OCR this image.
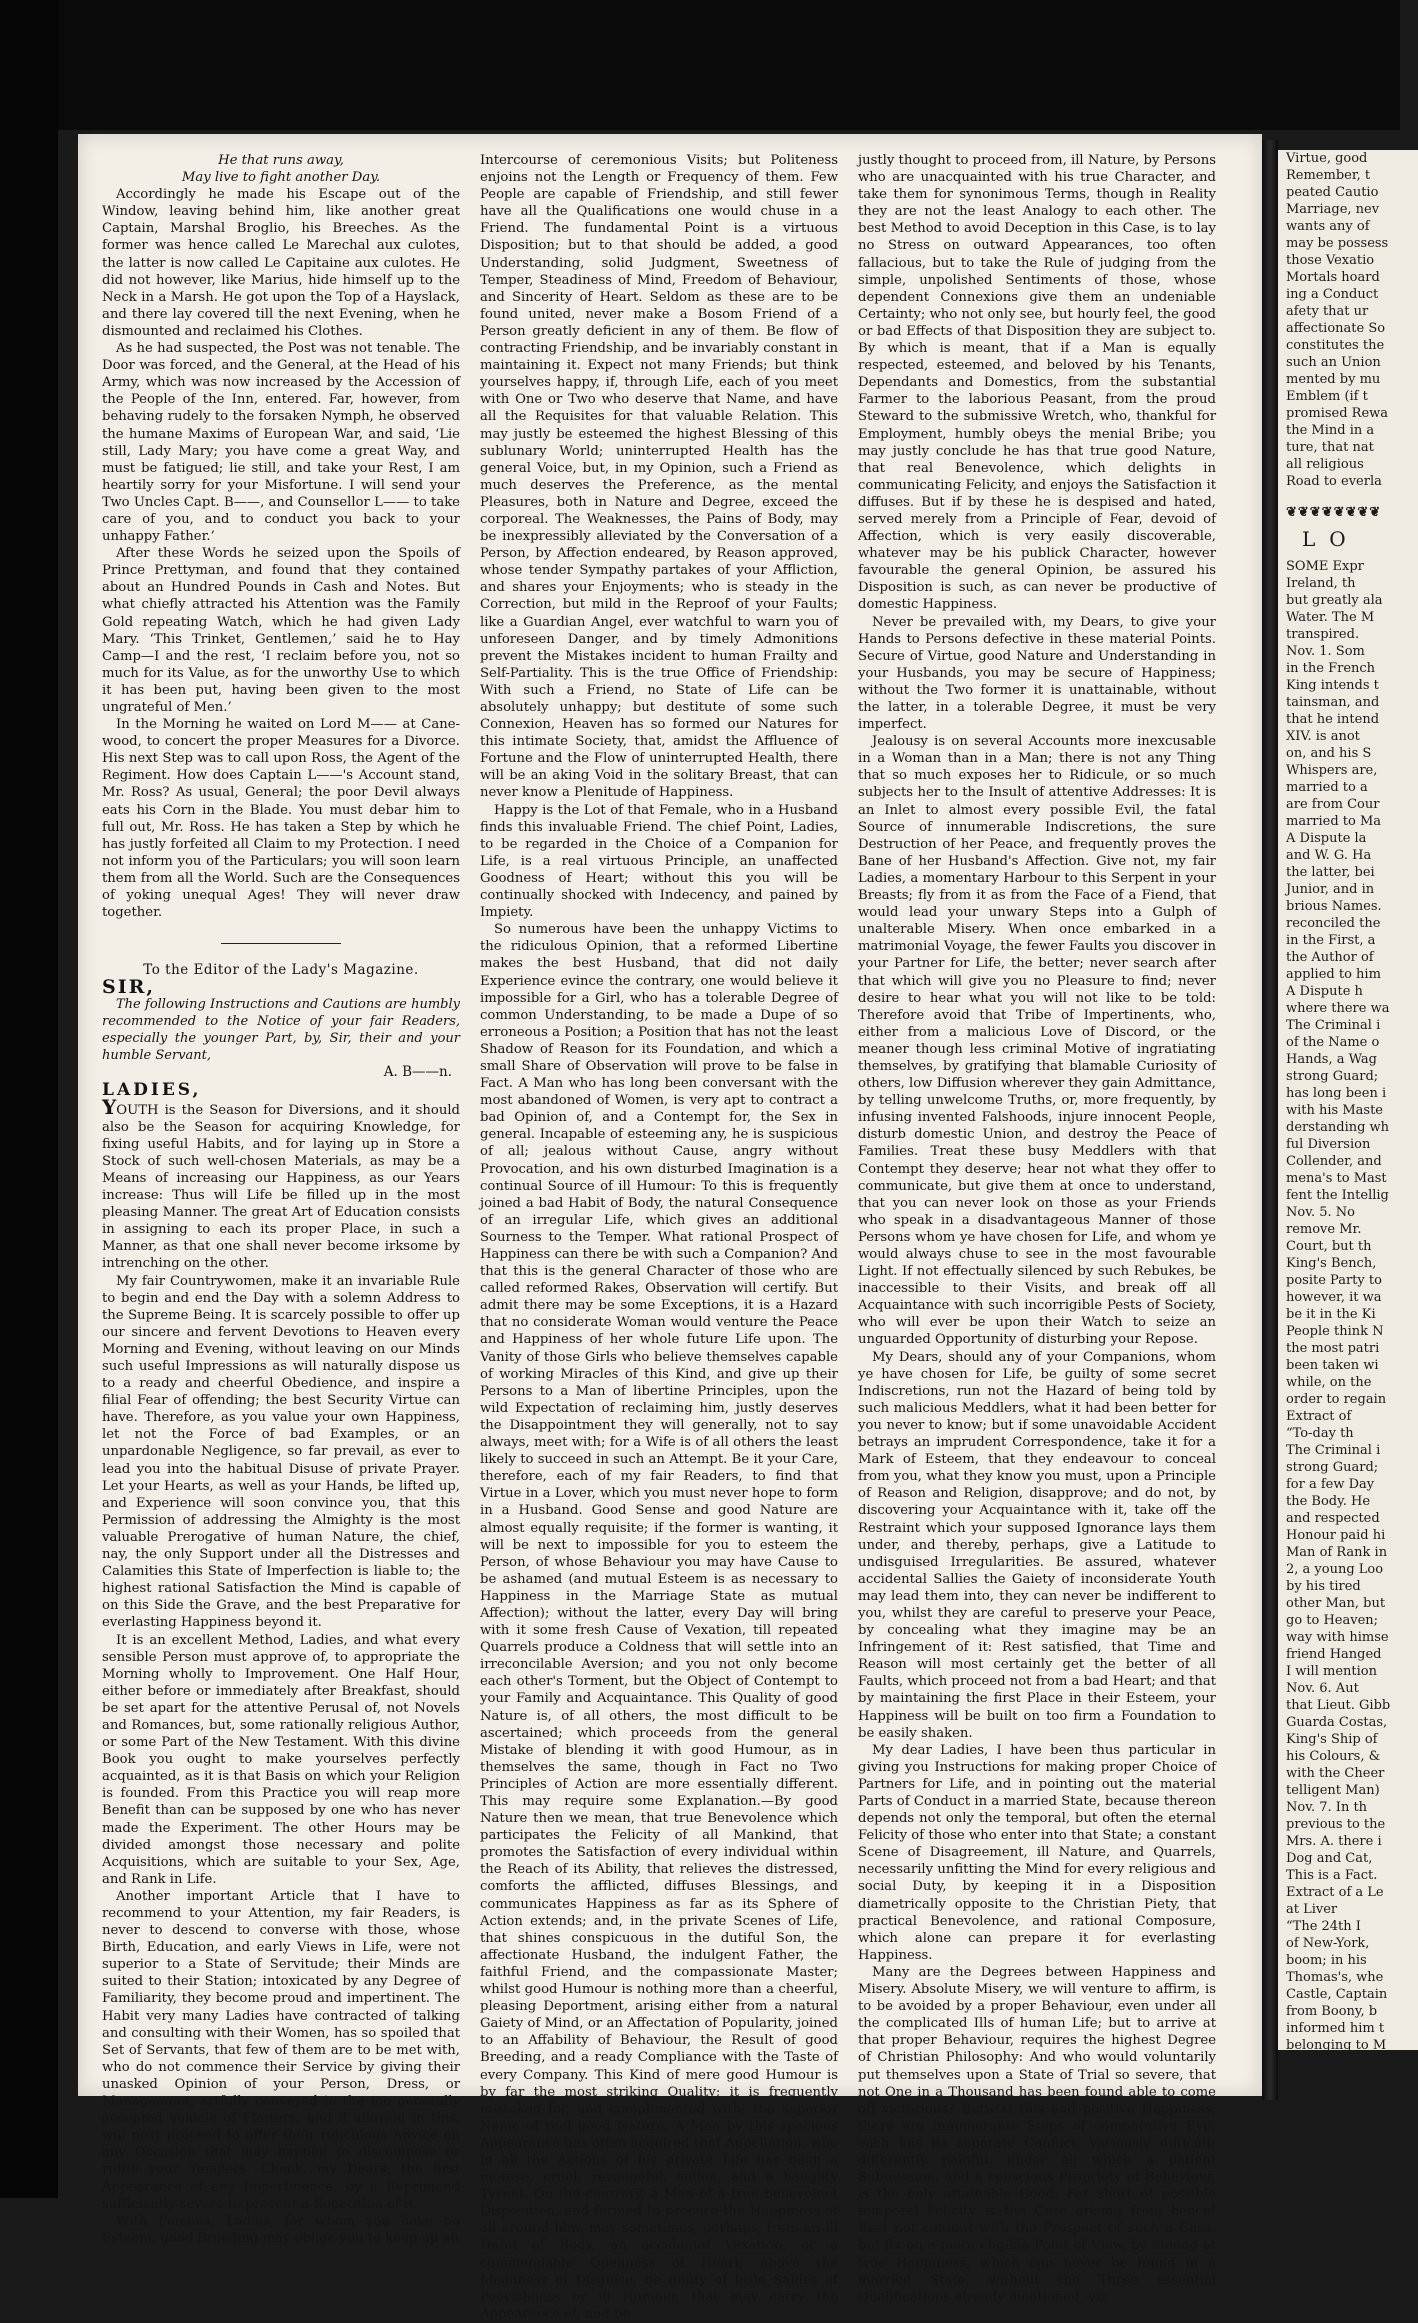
He that runs away,

May live to fight another Day.

Accordingly he made his Escape out of the Window, leaving behind him, like another great Captain, Marshal Broglio, his Breeches. As the former was hence called Le Marechal aux culotes, the latter is now called Le Capitaine aux culotes. He did not however, like Marius, hide himself up to the Neck in a Marsh. He got upon the Top of a Hayslack, and there lay covered till the next Evening, when he dismounted and reclaimed his Clothes.

As he had suspected, the Post was not tenable. The Door was forced, and the General, at the Head of his Army, which was now increased by the Accession of the People of the Inn, entered. Far, however, from behaving rudely to the forsaken Nymph, he observed the humane Maxims of European War, and said, ‘Lie still, Lady Mary; you have come a great Way, and must be fatigued; lie still, and take your Rest, I am heartily sorry for your Misfortune. I will send your Two Uncles Capt. B——, and Counsellor L—— to take care of you, and to conduct you back to your unhappy Father.’

After these Words he seized upon the Spoils of Prince Prettyman, and found that they contained about an Hundred Pounds in Cash and Notes. But what chiefly attracted his Attention was the Family Gold repeating Watch, which he had given Lady Mary. ‘This Trinket, Gentlemen,’ said he to Hay Camp—I and the rest, ‘I reclaim before you, not so much for its Value, as for the unworthy Use to which it has been put, having been given to the most ungrateful of Men.’

In the Morning he waited on Lord M—— at Cane-wood, to concert the proper Measures for a Divorce. His next Step was to call upon Ross, the Agent of the Regiment. How does Captain L——'s Account stand, Mr. Ross? As usual, General; the poor Devil always eats his Corn in the Blade. You must debar him to full out, Mr. Ross. He has taken a Step by which he has justly forfeited all Claim to my Protection. I need not inform you of the Particulars; you will soon learn them from all the World. Such are the Consequences of yoking unequal Ages! They will never draw together.

To the Editor of the Lady's Magazine.

SIR,

The following Instructions and Cautions are humbly recommended to the Notice of your fair Readers, especially the younger Part, by, Sir, their and your humble Servant,

A. B——n.

LADIES,

YOUTH is the Season for Diversions, and it should also be the Season for acquiring Knowledge, for fixing useful Habits, and for laying up in Store a Stock of such well-chosen Materials, as may be a Means of increasing our Happiness, as our Years increase: Thus will Life be filled up in the most pleasing Manner. The great Art of Education consists in assigning to each its proper Place, in such a Manner, as that one shall never become irksome by intrenching on the other.

My fair Countrywomen, make it an invariable Rule to begin and end the Day with a solemn Address to the Supreme Being. It is scarcely possible to offer up our sincere and fervent Devotions to Heaven every Morning and Evening, without leaving on our Minds such useful Impressions as will naturally dispose us to a ready and cheerful Obedience, and inspire a filial Fear of offending; the best Security Virtue can have. Therefore, as you value your own Happiness, let not the Force of bad Examples, or an unpardonable Negligence, so far prevail, as ever to lead you into the habitual Disuse of private Prayer. Let your Hearts, as well as your Hands, be lifted up, and Experience will soon convince you, that this Permission of addressing the Almighty is the most valuable Prerogative of human Nature, the chief, nay, the only Support under all the Distresses and Calamities this State of Imperfection is liable to; the highest rational Satisfaction the Mind is capable of on this Side the Grave, and the best Preparative for everlasting Happiness beyond it.

It is an excellent Method, Ladies, and what every sensible Person must approve of, to appropriate the Morning wholly to Improvement. One Half Hour, either before or immediately after Breakfast, should be set apart for the attentive Perusal of, not Novels and Romances, but, some rationally religious Author, or some Part of the New Testament. With this divine Book you ought to make yourselves perfectly acquainted, as it is that Basis on which your Religion is founded. From this Practice you will reap more Benefit than can be supposed by one who has never made the Experiment. The other Hours may be divided amongst those necessary and polite Acquisitions, which are suitable to your Sex, Age, and Rank in Life.

Another important Article that I have to recommend to your Attention, my fair Readers, is never to descend to converse with those, whose Birth, Education, and early Views in Life, were not superior to a State of Servitude; their Minds are suited to their Station; intoxicated by any Degree of Familiarity, they become proud and impertinent. The Habit very many Ladies have contracted of talking and consulting with their Women, has so spoiled that Set of Servants, that few of them are to be met with, who do not commence their Service by giving their unasked Opinion of your Person, Dress, or Management, artfully conveyed in the too generally accepted Vehicle of Flattery; and if allowed in this, will next proceed to offer their ridiculous Advice on any Occasion that may happen to discompose or ruffle your Tempers. Check, my Dears, the first Appearance of any Impertinence, by a Reprimand sufficiently severe to prevent a Repetition of it.

With Persons, Ladies, for whom you have no Esteem, good Breeding may oblige you to keep up an

Intercourse of ceremonious Visits; but Politeness enjoins not the Length or Frequency of them. Few People are capable of Friendship, and still fewer have all the Qualifications one would chuse in a Friend. The fundamental Point is a virtuous Disposition; but to that should be added, a good Understanding, solid Judgment, Sweetness of Temper, Steadiness of Mind, Freedom of Behaviour, and Sincerity of Heart. Seldom as these are to be found united, never make a Bosom Friend of a Person greatly deficient in any of them. Be flow of contracting Friendship, and be invariably constant in maintaining it. Expect not many Friends; but think yourselves happy, if, through Life, each of you meet with One or Two who deserve that Name, and have all the Requisites for that valuable Relation. This may justly be esteemed the highest Blessing of this sublunary World; uninterrupted Health has the general Voice, but, in my Opinion, such a Friend as much deserves the Preference, as the mental Pleasures, both in Nature and Degree, exceed the corporeal. The Weaknesses, the Pains of Body, may be inexpressibly alleviated by the Conversation of a Person, by Affection endeared, by Reason approved, whose tender Sympathy partakes of your Affliction, and shares your Enjoyments; who is steady in the Correction, but mild in the Reproof of your Faults; like a Guardian Angel, ever watchful to warn you of unforeseen Danger, and by timely Admonitions prevent the Mistakes incident to human Frailty and Self-Partiality. This is the true Office of Friendship: With such a Friend, no State of Life can be absolutely unhappy; but destitute of some such Connexion, Heaven has so formed our Natures for this intimate Society, that, amidst the Affluence of Fortune and the Flow of uninterrupted Health, there will be an aking Void in the solitary Breast, that can never know a Plenitude of Happiness.

Happy is the Lot of that Female, who in a Husband finds this invaluable Friend. The chief Point, Ladies, to be regarded in the Choice of a Companion for Life, is a real virtuous Principle, an unaffected Goodness of Heart; without this you will be continually shocked with Indecency, and pained by Impiety.

So numerous have been the unhappy Victims to the ridiculous Opinion, that a reformed Libertine makes the best Husband, that did not daily Experience evince the contrary, one would believe it impossible for a Girl, who has a tolerable Degree of common Understanding, to be made a Dupe of so erroneous a Position; a Position that has not the least Shadow of Reason for its Foundation, and which a small Share of Observation will prove to be false in Fact. A Man who has long been conversant with the most abandoned of Women, is very apt to contract a bad Opinion of, and a Contempt for, the Sex in general. Incapable of esteeming any, he is suspicious of all; jealous without Cause, angry without Provocation, and his own disturbed Imagination is a continual Source of ill Humour: To this is frequently joined a bad Habit of Body, the natural Consequence of an irregular Life, which gives an additional Sourness to the Temper. What rational Prospect of Happiness can there be with such a Companion? And that this is the general Character of those who are called reformed Rakes, Observation will certify. But admit there may be some Exceptions, it is a Hazard that no considerate Woman would venture the Peace and Happiness of her whole future Life upon. The Vanity of those Girls who believe themselves capable of working Miracles of this Kind, and give up their Persons to a Man of libertine Principles, upon the wild Expectation of reclaiming him, justly deserves the Disappointment they will generally, not to say always, meet with; for a Wife is of all others the least likely to succeed in such an Attempt. Be it your Care, therefore, each of my fair Readers, to find that Virtue in a Lover, which you must never hope to form in a Husband. Good Sense and good Nature are almost equally requisite; if the former is wanting, it will be next to impossible for you to esteem the Person, of whose Behaviour you may have Cause to be ashamed (and mutual Esteem is as necessary to Happiness in the Marriage State as mutual Affection); without the latter, every Day will bring with it some fresh Cause of Vexation, till repeated Quarrels produce a Coldness that will settle into an irreconcilable Aversion; and you not only become each other's Torment, but the Object of Contempt to your Family and Acquaintance. This Quality of good Nature is, of all others, the most difficult to be ascertained; which proceeds from the general Mistake of blending it with good Humour, as in themselves the same, though in Fact no Two Principles of Action are more essentially different. This may require some Explanation.—By good Nature then we mean, that true Benevolence which participates the Felicity of all Mankind, that promotes the Satisfaction of every individual within the Reach of its Ability, that relieves the distressed, comforts the afflicted, diffuses Blessings, and communicates Happiness as far as its Sphere of Action extends; and, in the private Scenes of Life, that shines conspicuous in the dutiful Son, the affectionate Husband, the indulgent Father, the faithful Friend, and the compassionate Master; whilst good Humour is nothing more than a cheerful, pleasing Deportment, arising either from a natural Gaiety of Mind, or an Affectation of Popularity, joined to an Affability of Behaviour, the Result of good Breeding, and a ready Compliance with the Taste of every Company. This Kind of mere good Humour is by far the most striking Quality; it is frequently mistaken for, and complimented with, the superior Name of real good Nature. A Man by this specious Appearance has often acquired that Appellation, who in all the Actions of his private Life has been a morose, cruel, revengeful, sullen, and a haughty Tyrant. On the contrary, a Man of a true benevolent Disposition, and formed to procure the Happiness of all around him, may sometimes, perhaps, from an ill Habit of Body, an accidental Vexation, or a commendable Openness of Heart, above the Meanness of Disguise, be guilty of little Sallies of Peevishness or ill Humour, that may carry the Appearance of, and be

justly thought to proceed from, ill Nature, by Persons who are unacquainted with his true Character, and take them for synonimous Terms, though in Reality they are not the least Analogy to each other. The best Method to avoid Deception in this Case, is to lay no Stress on outward Appearances, too often fallacious, but to take the Rule of judging from the simple, unpolished Sentiments of those, whose dependent Connexions give them an undeniable Certainty; who not only see, but hourly feel, the good or bad Effects of that Disposition they are subject to. By which is meant, that if a Man is equally respected, esteemed, and beloved by his Tenants, Dependants and Domestics, from the substantial Farmer to the laborious Peasant, from the proud Steward to the submissive Wretch, who, thankful for Employment, humbly obeys the menial Bribe; you may justly conclude he has that true good Nature, that real Benevolence, which delights in communicating Felicity, and enjoys the Satisfaction it diffuses. But if by these he is despised and hated, served merely from a Principle of Fear, devoid of Affection, which is very easily discoverable, whatever may be his publick Character, however favourable the general Opinion, be assured his Disposition is such, as can never be productive of domestic Happiness.

Never be prevailed with, my Dears, to give your Hands to Persons defective in these material Points. Secure of Virtue, good Nature and Understanding in your Husbands, you may be secure of Happiness; without the Two former it is unattainable, without the latter, in a tolerable Degree, it must be very imperfect.

Jealousy is on several Accounts more inexcusable in a Woman than in a Man; there is not any Thing that so much exposes her to Ridicule, or so much subjects her to the Insult of attentive Addresses: It is an Inlet to almost every possible Evil, the fatal Source of innumerable Indiscretions, the sure Destruction of her Peace, and frequently proves the Bane of her Husband's Affection. Give not, my fair Ladies, a momentary Harbour to this Serpent in your Breasts; fly from it as from the Face of a Fiend, that would lead your unwary Steps into a Gulph of unalterable Misery. When once embarked in a matrimonial Voyage, the fewer Faults you discover in your Partner for Life, the better; never search after that which will give you no Pleasure to find; never desire to hear what you will not like to be told: Therefore avoid that Tribe of Impertinents, who, either from a malicious Love of Discord, or the meaner though less criminal Motive of ingratiating themselves, by gratifying that blamable Curiosity of others, low Diffusion wherever they gain Admittance, by telling unwelcome Truths, or, more frequently, by infusing invented Falshoods, injure innocent People, disturb domestic Union, and destroy the Peace of Families. Treat these busy Meddlers with that Contempt they deserve; hear not what they offer to communicate, but give them at once to understand, that you can never look on those as your Friends who speak in a disadvantageous Manner of those Persons whom ye have chosen for Life, and whom ye would always chuse to see in the most favourable Light. If not effectually silenced by such Rebukes, be inaccessible to their Visits, and break off all Acquaintance with such incorrigible Pests of Society, who will ever be upon their Watch to seize an unguarded Opportunity of disturbing your Repose.

My Dears, should any of your Companions, whom ye have chosen for Life, be guilty of some secret Indiscretions, run not the Hazard of being told by such malicious Meddlers, what it had been better for you never to know; but if some unavoidable Accident betrays an imprudent Correspondence, take it for a Mark of Esteem, that they endeavour to conceal from you, what they know you must, upon a Principle of Reason and Religion, disapprove; and do not, by discovering your Acquaintance with it, take off the Restraint which your supposed Ignorance lays them under, and thereby, perhaps, give a Latitude to undisguised Irregularities. Be assured, whatever accidental Sallies the Gaiety of inconsiderate Youth may lead them into, they can never be indifferent to you, whilst they are careful to preserve your Peace, by concealing what they imagine may be an Infringement of it: Rest satisfied, that Time and Reason will most certainly get the better of all Faults, which proceed not from a bad Heart; and that by maintaining the first Place in their Esteem, your Happiness will be built on too firm a Foundation to be easily shaken.

My dear Ladies, I have been thus particular in giving you Instructions for making proper Choice of Partners for Life, and in pointing out the material Parts of Conduct in a married State, because thereon depends not only the temporal, but often the eternal Felicity of those who enter into that State; a constant Scene of Disagreement, ill Nature, and Quarrels, necessarily unfitting the Mind for every religious and social Duty, by keeping it in a Disposition diametrically opposite to the Christian Piety, that practical Benevolence, and rational Composure, which alone can prepare it for everlasting Happiness.

Many are the Degrees between Happiness and Misery. Absolute Misery, we will venture to affirm, is to be avoided by a proper Behaviour, even under all the complicated Ills of human Life; but to arrive at that proper Behaviour, requires the highest Degree of Christian Philosophy: And who would voluntarily put themselves upon a State of Trial so severe, that not One in a Thousand has been found able to come off victorious? Betwixt this and positive Happiness, there are innumerable Steps of comparative Evil; each has its separate Conflict, variously difficult; differently painful, under all which a patient Submission, and a conscious Propriety of Behaviour, is the only attainable Good. Far short of possible temporal Felicity is the Case arising from hence! Rest not content with the Prospect of such a Case, but fix on a more eligible Point of View, by aiming at true Happiness, which can never be found in a married State, without the Three essential Qualifications already mentioned, viz.

Virtue, good
Remember, t
peated Cautio
Marriage, nev
wants any of
may be possess
those Vexatio
Mortals hoard
ing a Conduct
afety that ur
affectionate So
constitutes the
such an Union
mented by mu
Emblem (if t
promised Rewa
the Mind in a
ture, that nat
all religious
Road to everla
❦❦❦❦❦❦❦❦
LO
SOME Expr
Ireland, th
but greatly ala
Water. The M
transpired.
Nov. 1. Som
in the French
King intends t
tainsman, and
that he intend
XIV. is anot
on, and his S
Whispers are,
married to a
are from Cour
married to Ma
A Dispute la
and W. G. Ha
the latter, bei
Junior, and in
brious Names.
reconciled the
in the First, a
the Author of
applied to him
A Dispute h
where there wa
The Criminal i
of the Name o
Hands, a Wag
strong Guard;
has long been i
with his Maste
derstanding wh
ful Diversion
Collender, and
mena's to Mast
fent the Intellig
Nov. 5. No
remove Mr.
Court, but th
King's Bench,
posite Party to
however, it wa
be it in the Ki
People think N
the most patri
been taken wi
while, on the
order to regain
Extract of
“To-day th
The Criminal i
strong Guard;
for a few Day
the Body. He
and respected
Honour paid hi
Man of Rank in
2, a young Loo
by his tired
other Man, but
go to Heaven;
way with himse
friend Hanged
I will mention
Nov. 6. Aut
that Lieut. Gibb
Guarda Costas,
King's Ship of
his Colours, &
with the Cheer
telligent Man)
Nov. 7. In th
previous to the
Mrs. A. there i
Dog and Cat,
This is a Fact.
Extract of a Le
at Liver
“The 24th I
of New-York,
boom; in his
Thomas's, whe
Castle, Captain
from Boony, b
informed him t
belonging to M
going in about
it, and was im
or Blacks, who
Express being
Wattes directly
